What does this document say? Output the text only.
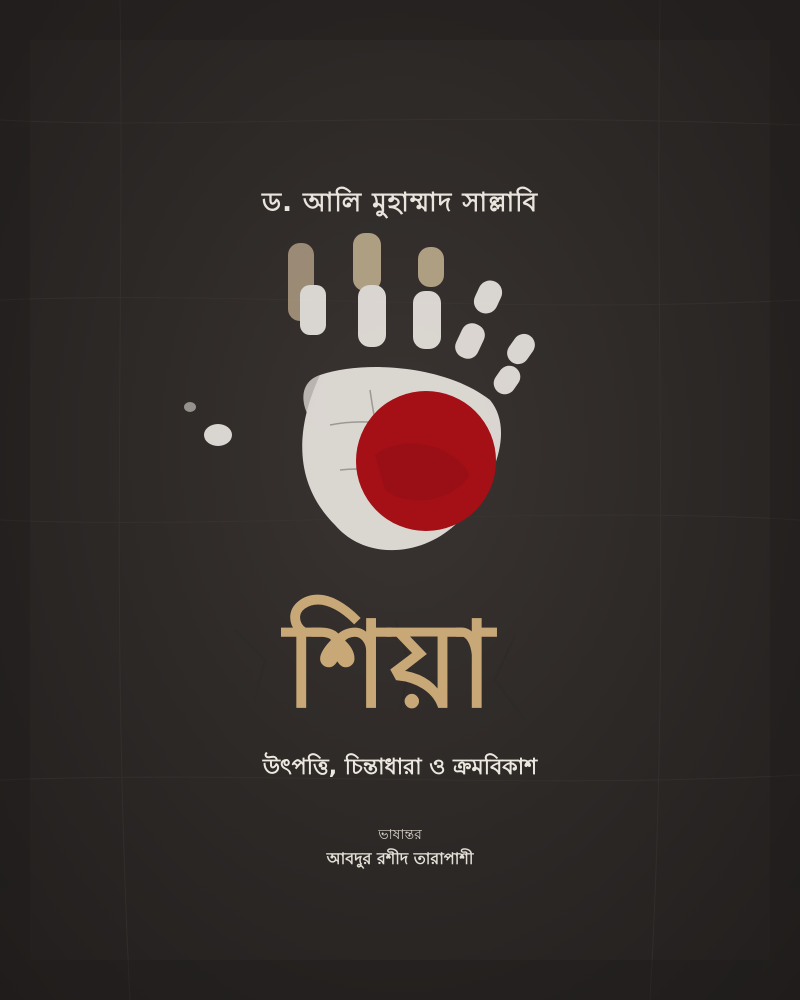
ড. আলি মুহাম্মাদ সাল্লাবি
শিয়া
উৎপত্তি, চিন্তাধারা ও ক্রমবিকাশ
ভাষান্তর
আবদুর রশীদ তারাপাশী
